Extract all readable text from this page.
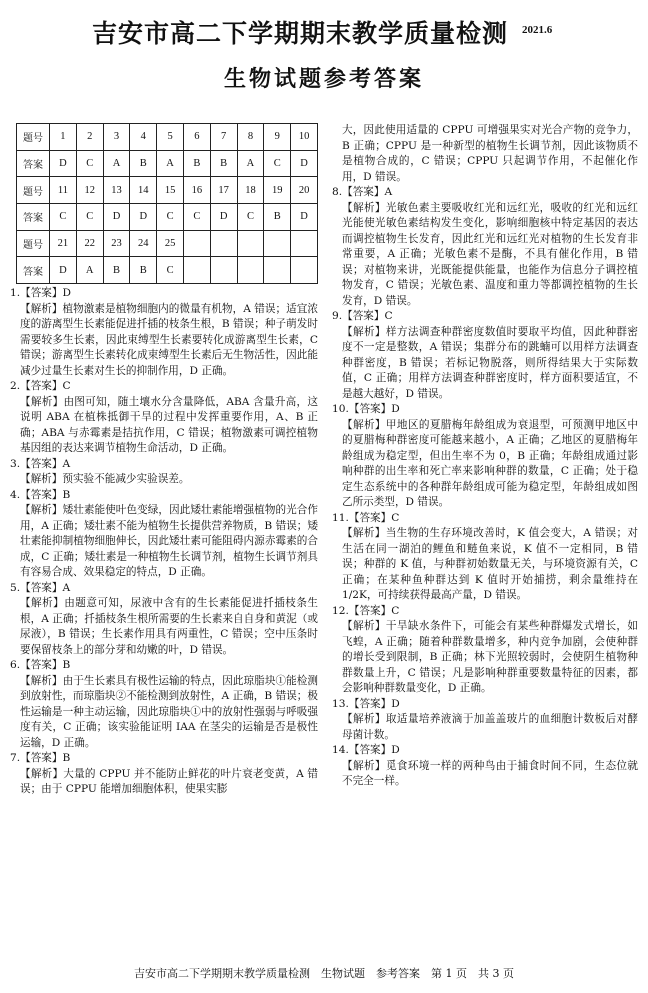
吉安市高二下学期期末教学质量检测 2021.6
生物试题参考答案
题号	1	2	3	4	5	6	7	8	9	10
答案	D	C	A	B	A	B	B	A	C	D
题号	11	12	13	14	15	16	17	18	19	20
答案	C	C	D	D	C	C	D	C	B	D
题号	21	22	23	24	25					
答案	D	A	B	B	C					

1.【答案】D

【解析】植物激素是植物细胞内的微量有机物，A 错误；适宜浓度的游离型生长素能促进扦插的枝条生根，B 错误；种子萌发时需要较多生长素，因此束缚型生长素要转化成游离型生长素，C 错误；游离型生长素转化成束缚型生长素后无生物活性，因此能减少过量生长素对生长的抑制作用，D 正确。

2.【答案】C

【解析】由图可知，随土壤水分含量降低，ABA 含量升高，这说明 ABA 在植株抵御干旱的过程中发挥重要作用，A、B 正确；ABA 与赤霉素是拮抗作用，C 错误；植物激素可调控植物基因组的表达来调节植物生命活动，D 正确。

3.【答案】A

【解析】预实验不能减少实验误差。

4.【答案】B

【解析】矮壮素能使叶色变绿，因此矮壮素能增强植物的光合作用，A 正确；矮壮素不能为植物生长提供营养物质，B 错误；矮壮素能抑制植物细胞伸长，因此矮壮素可能阻碍内源赤霉素的合成，C 正确；矮壮素是一种植物生长调节剂，植物生长调节剂具有容易合成、效果稳定的特点，D 正确。

5.【答案】A

【解析】由题意可知，尿液中含有的生长素能促进扦插枝条生根，A 正确；扦插枝条生根所需要的生长素来自自身和黄泥（或尿液），B 错误；生长素作用具有两重性，C 错误；空中压条时要保留枝条上的部分芽和幼嫩的叶，D 错误。

6.【答案】B

【解析】由于生长素具有极性运输的特点，因此琼脂块①能检测到放射性，而琼脂块②不能检测到放射性，A 正确，B 错误；极性运输是一种主动运输，因此琼脂块①中的放射性强弱与呼吸强度有关，C 正确；该实验能证明 IAA 在茎尖的运输是否是极性运输，D 正确。

7.【答案】B

【解析】大量的 CPPU 并不能防止鲜花的叶片衰老变黄，A 错误；由于 CPPU 能增加细胞体积，使果实膨

大，因此使用适量的 CPPU 可增强果实对光合产物的竞争力，B 正确；CPPU 是一种新型的植物生长调节剂，因此该物质不是植物合成的，C 错误；CPPU 只起调节作用，不起催化作用，D 错误。

8.【答案】A

【解析】光敏色素主要吸收红光和远红光，吸收的红光和远红光能使光敏色素结构发生变化，影响细胞核中特定基因的表达而调控植物生长发育，因此红光和远红光对植物的生长发育非常重要，A 正确；光敏色素不是酶，不具有催化作用，B 错误；对植物来讲，光既能提供能量，也能作为信息分子调控植物发育，C 错误；光敏色素、温度和重力等都调控植物的生长发育，D 错误。

9.【答案】C

【解析】样方法调查种群密度数值时要取平均值，因此种群密度不一定是整数，A 错误；集群分布的跳蝻可以用样方法调查种群密度，B 错误；若标记物脱落，则所得结果大于实际数值，C 正确；用样方法调查种群密度时，样方面积要适宜，不是越大越好，D 错误。

10.【答案】D

【解析】甲地区的夏腊梅年龄组成为衰退型，可预测甲地区中的夏腊梅种群密度可能越来越小，A 正确；乙地区的夏腊梅年龄组成为稳定型，但出生率不为 0，B 正确；年龄组成通过影响种群的出生率和死亡率来影响种群的数量，C 正确；处于稳定生态系统中的各种群年龄组成可能为稳定型，年龄组成如图乙所示类型，D 错误。

11.【答案】C

【解析】当生物的生存环境改善时，K 值会变大，A 错误；对生活在同一湖泊的鲤鱼和鲢鱼来说，K 值不一定相同，B 错误；种群的 K 值，与种群初始数量无关，与环境资源有关，C 正确；在某种鱼种群达到 K 值时开始捕捞，剩余量维持在 1/2K，可持续获得最高产量，D 错误。

12.【答案】C

【解析】干旱缺水条件下，可能会有某些种群爆发式增长，如飞蝗，A 正确；随着种群数量增多，种内竞争加剧，会使种群的增长受到限制，B 正确；林下光照较弱时，会使阴生植物种群数量上升，C 错误；凡是影响种群重要数量特征的因素，都会影响种群数量变化，D 正确。

13.【答案】D

【解析】取适量培养液滴于加盖盖玻片的血细胞计数板后对酵母菌计数。

14.【答案】D

【解析】觅食环境一样的两种鸟由于捕食时间不同，生态位就不完全一样。

吉安市高二下学期期末教学质量检测　生物试题　参考答案　第 1 页　共 3 页
